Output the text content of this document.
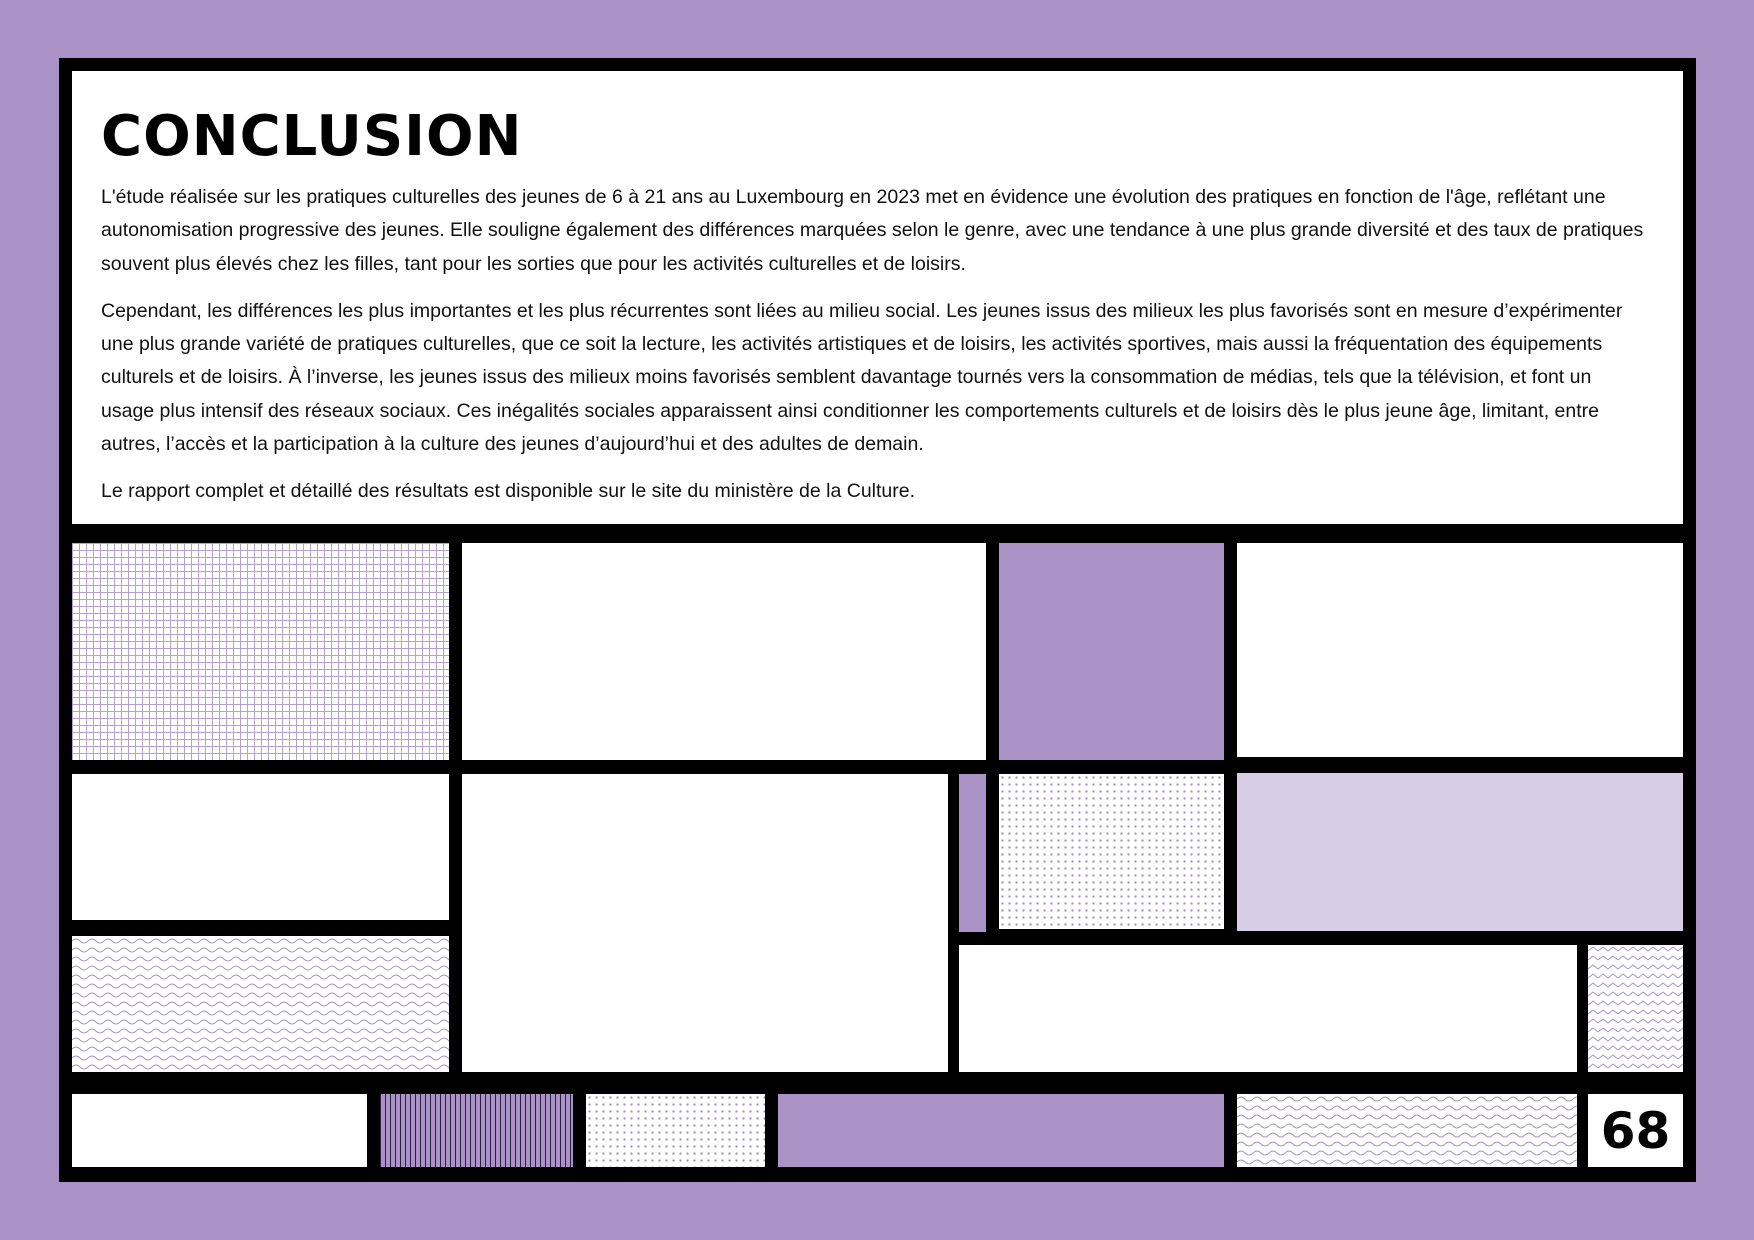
CONCLUSION

L'étude réalisée sur les pratiques culturelles des jeunes de 6 à 21 ans au Luxembourg en 2023 met en évidence une évolution des pratiques en fonction de l'âge, reflétant une autonomisation progressive des jeunes. Elle souligne également des différences marquées selon le genre, avec une tendance à une plus grande diversité et des taux de pratiques souvent plus élevés chez les filles, tant pour les sorties que pour les activités culturelles et de loisirs.

Cependant, les différences les plus importantes et les plus récurrentes sont liées au milieu social. Les jeunes issus des milieux les plus favorisés sont en mesure d’expérimenter une plus grande variété de pratiques culturelles, que ce soit la lecture, les activités artistiques et de loisirs, les activités sportives, mais aussi la fréquentation des équipements culturels et de loisirs. À l’inverse, les jeunes issus des milieux moins favorisés semblent davantage tournés vers la consommation de médias, tels que la télévision, et font un usage plus intensif des réseaux sociaux. Ces inégalités sociales apparaissent ainsi conditionner les comportements culturels et de loisirs dès le plus jeune âge, limitant, entre autres, l’accès et la participation à la culture des jeunes d’aujourd’hui et des adultes de demain.

Le rapport complet et détaillé des résultats est disponible sur le site du ministère de la Culture.

68
